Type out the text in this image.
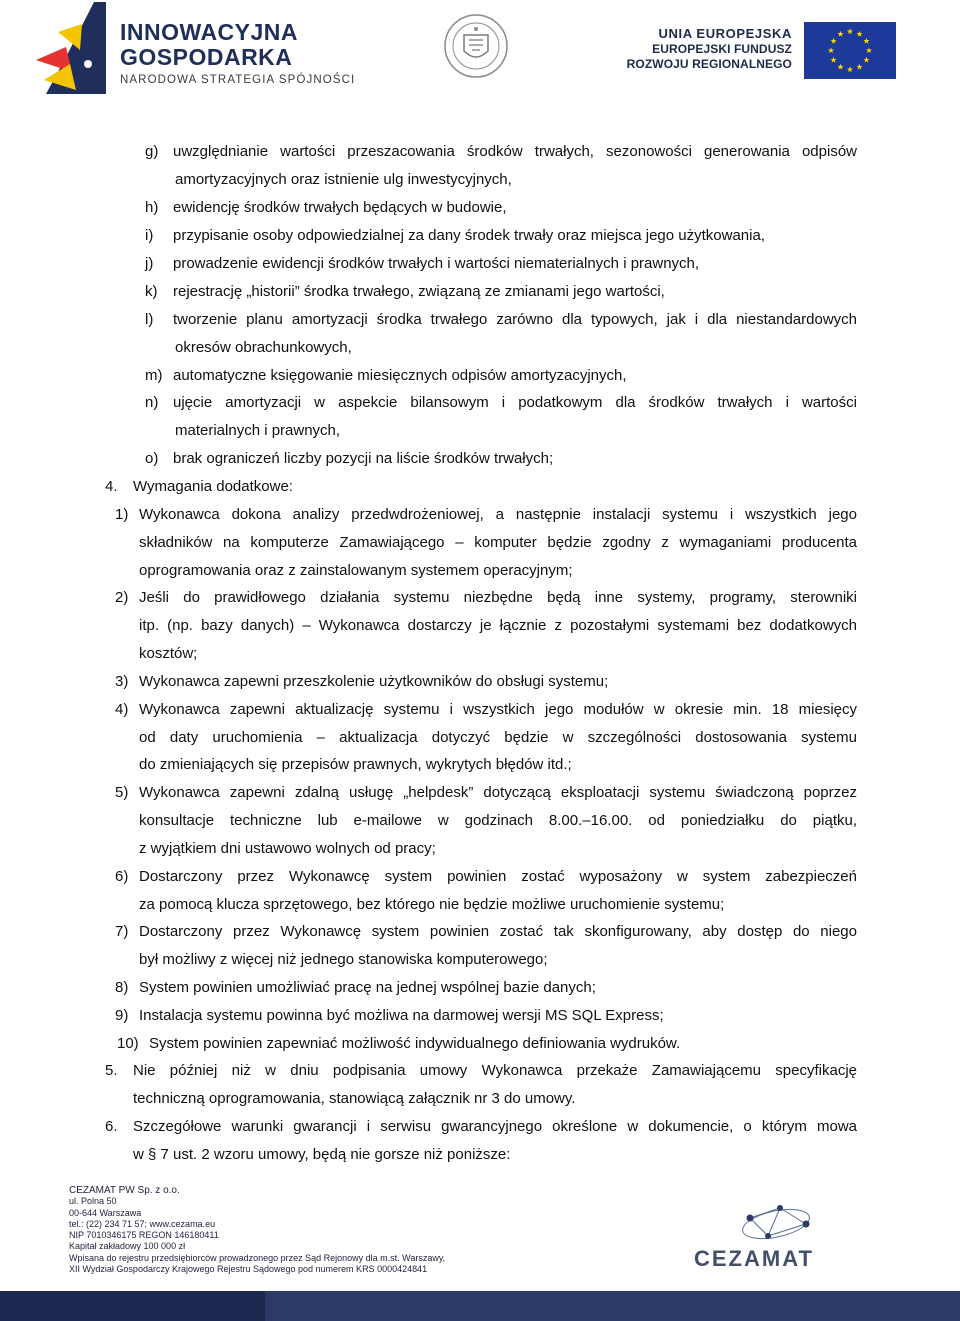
INNOWACYJNA
GOSPODARKA
NARODOWA STRATEGIA SPÓJNOŚCI
UNIA EUROPEJSKA
EUROPEJSKI FUNDUSZ
ROZWOJU REGIONALNEGO
g) uwzględnianie wartości przeszacowania środków trwałych, sezonowości generowania odpisów
amortyzacyjnych oraz istnienie ulg inwestycyjnych,
h) ewidencję środków trwałych będących w budowie,
i) przypisanie osoby odpowiedzialnej za dany środek trwały oraz miejsca jego użytkowania,
j) prowadzenie ewidencji środków trwałych i wartości niematerialnych i prawnych,
k) rejestrację „historii” środka trwałego, związaną ze zmianami jego wartości,
l) tworzenie planu amortyzacji środka trwałego zarówno dla typowych, jak i dla niestandardowych
okresów obrachunkowych,
m) automatyczne księgowanie miesięcznych odpisów amortyzacyjnych,
n) ujęcie amortyzacji w aspekcie bilansowym i podatkowym dla środków trwałych i wartości
materialnych i prawnych,
o) brak ograniczeń liczby pozycji na liście środków trwałych;
4. Wymagania dodatkowe:
1) Wykonawca dokona analizy przedwdrożeniowej, a następnie instalacji systemu i wszystkich jego
składników na komputerze Zamawiającego – komputer będzie zgodny z wymaganiami producenta
oprogramowania oraz z zainstalowanym systemem operacyjnym;
2) Jeśli do prawidłowego działania systemu niezbędne będą inne systemy, programy, sterowniki
itp. (np. bazy danych) – Wykonawca dostarczy je łącznie z pozostałymi systemami bez dodatkowych
kosztów;
3) Wykonawca zapewni przeszkolenie użytkowników do obsługi systemu;
4) Wykonawca zapewni aktualizację systemu i wszystkich jego modułów w okresie min. 18 miesięcy
od daty uruchomienia – aktualizacja dotyczyć będzie w szczególności dostosowania systemu
do zmieniających się przepisów prawnych, wykrytych błędów itd.;
5) Wykonawca zapewni zdalną usługę „helpdesk” dotyczącą eksploatacji systemu świadczoną poprzez
konsultacje techniczne lub e-mailowe w godzinach 8.00.–16.00. od poniedziałku do piątku,
z wyjątkiem dni ustawowo wolnych od pracy;
6) Dostarczony przez Wykonawcę system powinien zostać wyposażony w system zabezpieczeń
za pomocą klucza sprzętowego, bez którego nie będzie możliwe uruchomienie systemu;
7) Dostarczony przez Wykonawcę system powinien zostać tak skonfigurowany, aby dostęp do niego
był możliwy z więcej niż jednego stanowiska komputerowego;
8) System powinien umożliwiać pracę na jednej wspólnej bazie danych;
9) Instalacja systemu powinna być możliwa na darmowej wersji MS SQL Express;
10) System powinien zapewniać możliwość indywidualnego definiowania wydruków.
5. Nie później niż w dniu podpisania umowy Wykonawca przekaże Zamawiającemu specyfikację
techniczną oprogramowania, stanowiącą załącznik nr 3 do umowy.
6. Szczegółowe warunki gwarancji i serwisu gwarancyjnego określone w dokumencie, o którym mowa
w § 7 ust. 2 wzoru umowy, będą nie gorsze niż poniższe:
CEZAMAT PW Sp. z o.o.
ul. Polna 50
00-644 Warszawa
tel.: (22) 234 71 57; www.cezama.eu
NIP 7010346175 REGON 146180411
Kapitał zakładowy 100 000 zł
Wpisana do rejestru przedsiębiorców prowadzonego przez Sąd Rejonowy dla m.st. Warszawy,
XII Wydział Gospodarczy Krajowego Rejestru Sądowego pod numerem KRS 0000424841	CEZAMAT
